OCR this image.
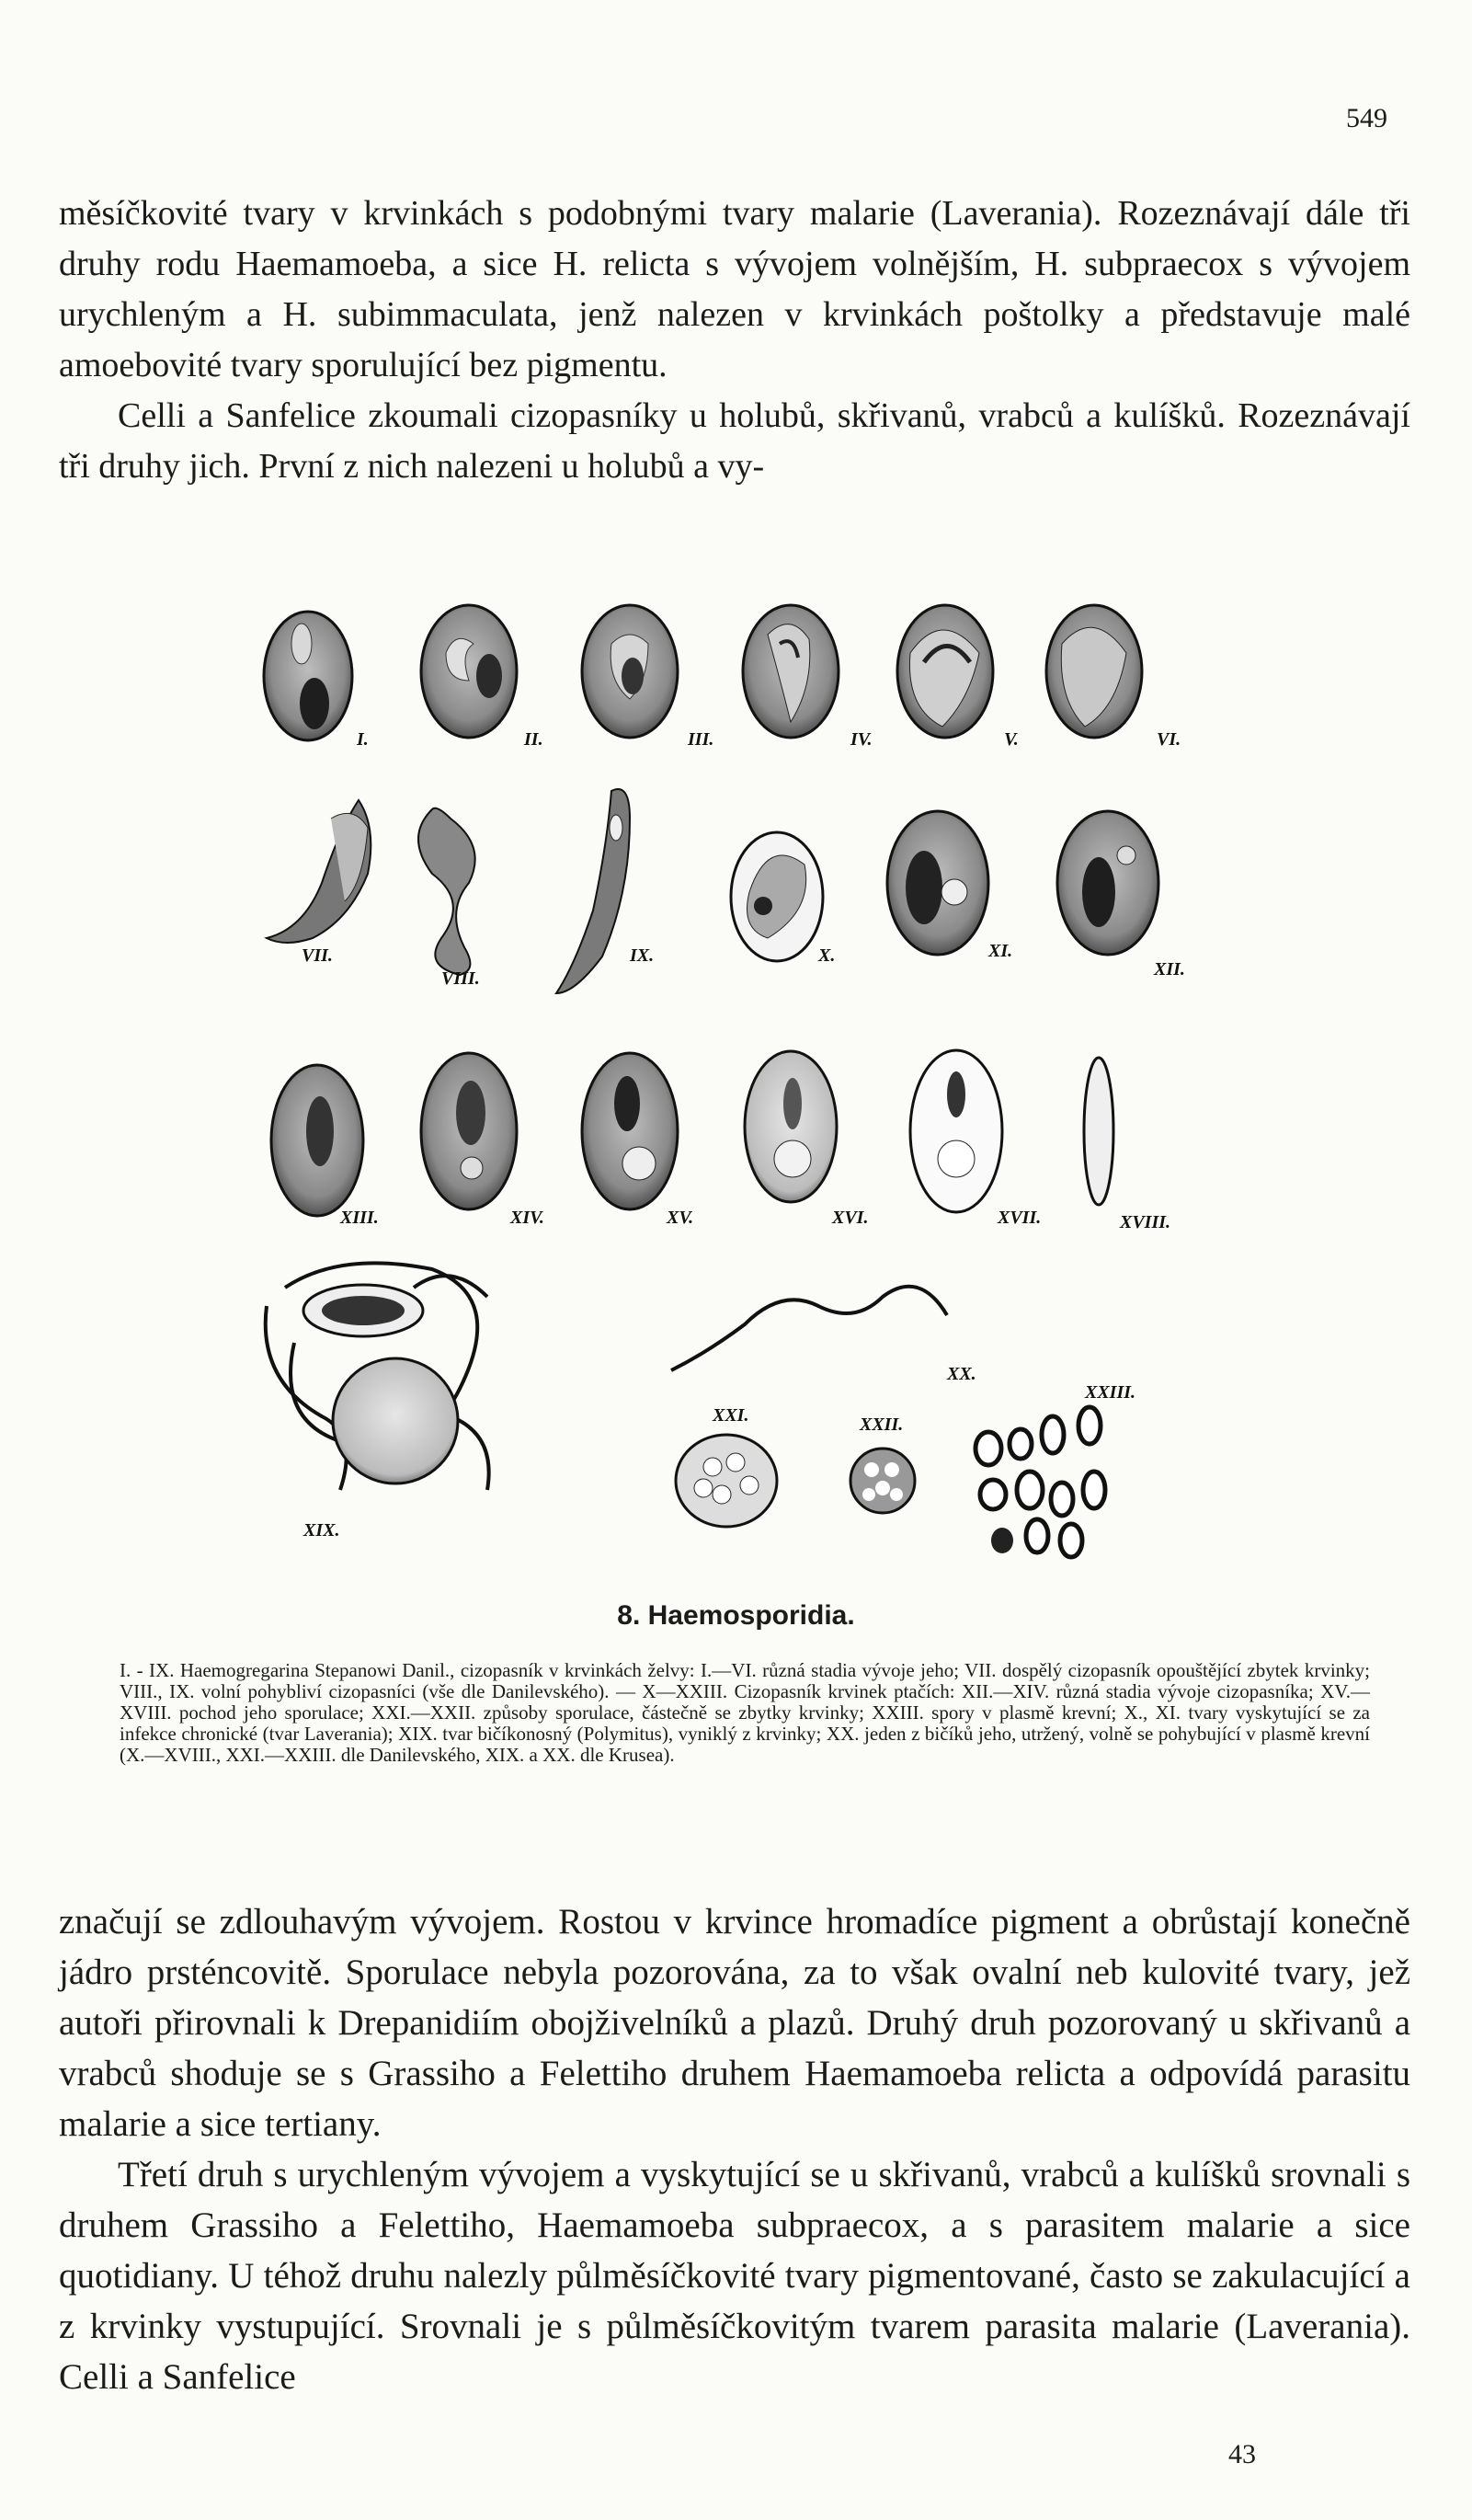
549

měsíčkovité tvary v krvinkách s podobnými tvary malarie (Laverania). Rozeznávají dále tři druhy rodu Haemamoeba, a sice H. relicta s vývojem volnějším, H. subpraecox s vývojem urychleným a H. subimmaculata, jenž nalezen v krvinkách poštolky a představuje malé amoebovité tvary sporulující bez pigmentu.

Celli a Sanfelice zkoumali cizopasníky u holubů, skřivanů, vrabců a kulíšků. Rozeznávají tři druhy jich. První z nich nalezeni u holubů a vy-

I.	II.	III.	IV.	V.	VI.
VII.
VIII.
IX.	X.	XI.
XII.
XIII.	XIV.	XV.	XVI.	XVII.	XVIII.
XIX.
XX.
XXI.	XXII.
XXIII.
8. Haemosporidia.

I. - IX. Haemogregarina Stepanowi Danil., cizopasník v krvinkách želvy: I.—VI. různá stadia vývoje jeho; VII. dospělý cizopasník opouštějící zbytek krvinky; VIII., IX. volní pohybliví cizopasníci (vše dle Danilevského). — X—XXIII. Cizopasník krvinek ptačích: XII.—XIV. různá stadia vývoje cizopasníka; XV.—XVIII. pochod jeho sporulace; XXI.—XXII. způsoby sporulace, částečně se zbytky krvinky; XXIII. spory v plasmě krevní; X., XI. tvary vyskytující se za infekce chronické (tvar Laverania); XIX. tvar bičíkonosný (Polymitus), vyniklý z krvinky; XX. jeden z bičíků jeho, utržený, volně se pohybující v plasmě krevní (X.—XVIII., XXI.—XXIII. dle Danilevského, XIX. a XX. dle Krusea).

značují se zdlouhavým vývojem. Rostou v krvince hromadíce pigment a obrůstají konečně jádro prsténcovitě. Sporulace nebyla pozorována, za to však ovalní neb kulovité tvary, jež autoři přirovnali k Drepanidiím obojživelníků a plazů. Druhý druh pozorovaný u skřivanů a vrabců shoduje se s Grassiho a Felettiho druhem Haemamoeba relicta a odpovídá parasitu malarie a sice tertiany.

Třetí druh s urychleným vývojem a vyskytující se u skřivanů, vrabců a kulíšků srovnali s druhem Grassiho a Felettiho, Haemamoeba subpraecox, a s parasitem malarie a sice quotidiany. U téhož druhu nalezly půlměsíčkovité tvary pigmentované, často se zakulacující a z krvinky vystupující. Srovnali je s půlměsíčkovitým tvarem parasita malarie (Laverania). Celli a Sanfelice

43
